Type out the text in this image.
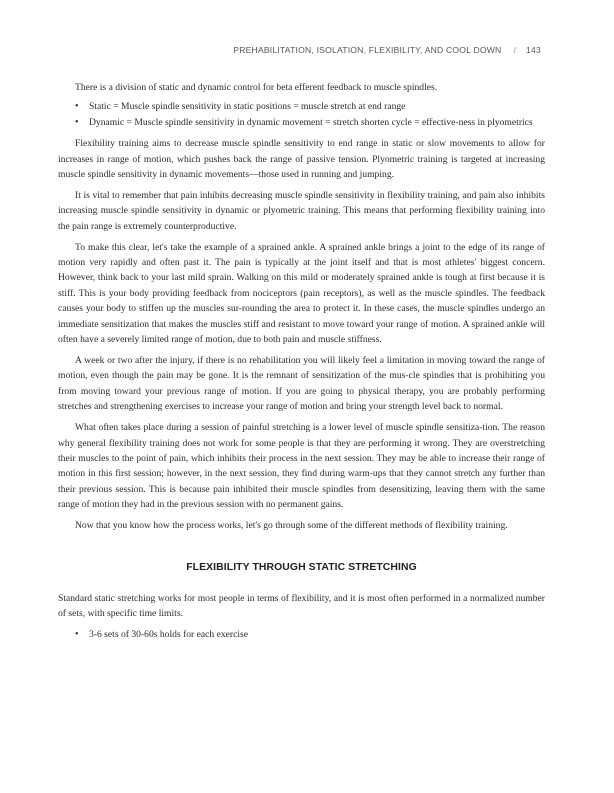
PREHABILITATION, ISOLATION, FLEXIBILITY, AND COOL DOWN / 143

There is a division of static and dynamic control for beta efferent feedback to muscle spindles.

• Static = Muscle spindle sensitivity in static positions = muscle stretch at end range
• Dynamic = Muscle spindle sensitivity in dynamic movement = stretch shorten cycle = effective-ness in plyometrics

Flexibility training aims to decrease muscle spindle sensitivity to end range in static or slow movements to allow for increases in range of motion, which pushes back the range of passive tension. Plyometric training is targeted at increasing muscle spindle sensitivity in dynamic movements—those used in running and jumping.

It is vital to remember that pain inhibits decreasing muscle spindle sensitivity in flexibility training, and pain also inhibits increasing muscle spindle sensitivity in dynamic or plyometric training. This means that performing flexibility training into the pain range is extremely counterproductive.

To make this clear, let's take the example of a sprained ankle. A sprained ankle brings a joint to the edge of its range of motion very rapidly and often past it. The pain is typically at the joint itself and that is most athletes' biggest concern. However, think back to your last mild sprain. Walking on this mild or moderately sprained ankle is tough at first because it is stiff. This is your body providing feedback from nociceptors (pain receptors), as well as the muscle spindles. The feedback causes your body to stiffen up the muscles sur-rounding the area to protect it. In these cases, the muscle spindles undergo an immediate sensitization that makes the muscles stiff and resistant to move toward your range of motion. A sprained ankle will often have a severely limited range of motion, due to both pain and muscle stiffness.

A week or two after the injury, if there is no rehabilitation you will likely feel a limitation in moving toward the range of motion, even though the pain may be gone. It is the remnant of sensitization of the mus-cle spindles that is prohibiting you from moving toward your previous range of motion. If you are going to physical therapy, you are probably performing stretches and strengthening exercises to increase your range of motion and bring your strength level back to normal.

What often takes place during a session of painful stretching is a lower level of muscle spindle sensitiza-tion. The reason why general flexibility training does not work for some people is that they are performing it wrong. They are overstretching their muscles to the point of pain, which inhibits their process in the next session. They may be able to increase their range of motion in this first session; however, in the next session, they find during warm-ups that they cannot stretch any further than their previous session. This is because pain inhibited their muscle spindles from desensitizing, leaving them with the same range of motion they had in the previous session with no permanent gains.

Now that you know how the process works, let's go through some of the different methods of flexibility training.

FLEXIBILITY THROUGH STATIC STRETCHING

Standard static stretching works for most people in terms of flexibility, and it is most often performed in a normalized number of sets, with specific time limits.

• 3-6 sets of 30-60s holds for each exercise
